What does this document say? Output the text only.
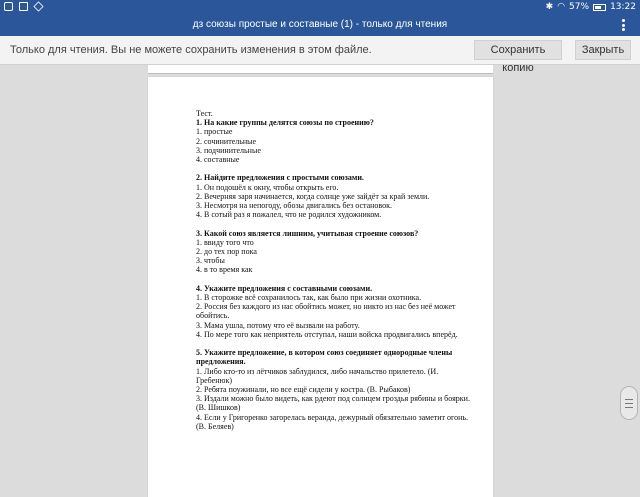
✱ ◠ 57% 13:22
дз союзы простые и составные (1) - только для чтения
Только для чтения. Вы не можете сохранить изменения в этом файле.	Сохранить копию
Закрыть
Тест.
1. На какие группы делятся союзы по строению?
1. простые
2. сочинительные
3. подчинительные
4. составные
2. Найдите предложения с простыми союзами.
1. Он подошёл к окну, чтобы открыть его.
2. Вечерняя заря начинается, когда солнце уже зайдёт за край земли.
3. Несмотря на непогоду, обозы двигались без остановок.
4. В сотый раз я пожалел, что не родился художником.
3. Какой союз является лишним, учитывая строение союзов?
1. ввиду того что
2. до тех пор пока
3. чтобы
4. в то время как
4. Укажите предложения с составными союзами.
1. В сторожке всё сохранилось так, как было при жизни охотника.
2. Россия без каждого из нас обойтись может, но никто из нас без неё может обойтись.
3. Мама ушла, потому что её вызвали на работу.
4. По мере того как неприятель отступал, наши войска продвигались вперёд.
5. Укажите предложение, в котором союз соединяет однородные члены предложения.
1. Либо кто-то из лётчиков заблудился, либо начальство прилетело. (И. Гребенюк)
2. Ребята поужинали, но все ещё сидели у костра. (В. Рыбаков)
3. Издали можно было видеть, как рдеют под солнцем гроздья рябины и боярки. (В. Шишков)
4. Если у Григоренко загорелась веранда, дежурный обязательно заметит огонь. (В. Беляев)
